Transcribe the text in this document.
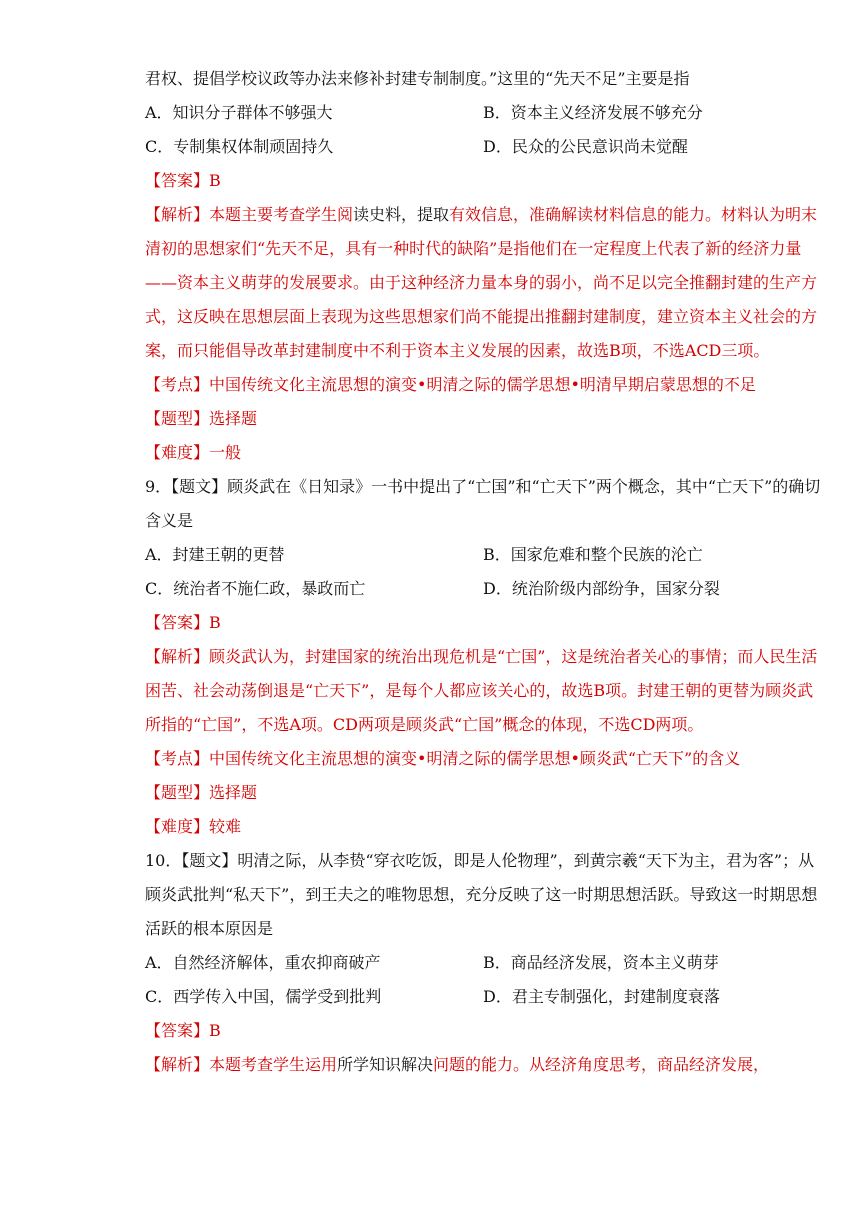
君权、提倡学校议政等办法来修补封建专制制度。”这里的“先天不足”主要是指
A．知识分子群体不够强大	B．资本主义经济发展不够充分
C．专制集权体制顽固持久	D．民众的公民意识尚未觉醒
【答案】B
【解析】本题主要考查学生阅读史料，提取有效信息，准确解读材料信息的能力。材料认为明末清初的思想家们“先天不足，具有一种时代的缺陷”是指他们在一定程度上代表了新的经济力量——资本主义萌芽的发展要求。由于这种经济力量本身的弱小，尚不足以完全推翻封建的生产方式，这反映在思想层面上表现为这些思想家们尚不能提出推翻封建制度，建立资本主义社会的方案，而只能倡导改革封建制度中不利于资本主义发展的因素，故选B项，不选ACD三项。
【考点】中国传统文化主流思想的演变•明清之际的儒学思想•明清早期启蒙思想的不足
【题型】选择题
【难度】一般
9．【题文】顾炎武在《日知录》一书中提出了“亡国”和“亡天下”两个概念，其中“亡天下”的确切含义是
A．封建王朝的更替	B．国家危难和整个民族的沦亡
C．统治者不施仁政，暴政而亡	D．统治阶级内部纷争，国家分裂
【答案】B
【解析】顾炎武认为，封建国家的统治出现危机是“亡国”，这是统治者关心的事情；而人民生活困苦、社会动荡倒退是“亡天下”，是每个人都应该关心的，故选B项。封建王朝的更替为顾炎武所指的“亡国”，不选A项。CD两项是顾炎武“亡国”概念的体现，不选CD两项。
【考点】中国传统文化主流思想的演变•明清之际的儒学思想•顾炎武“亡天下”的含义
【题型】选择题
【难度】较难
10．【题文】明清之际，从李贽“穿衣吃饭，即是人伦物理”，到黄宗羲“天下为主，君为客”；从顾炎武批判“私天下”，到王夫之的唯物思想，充分反映了这一时期思想活跃。导致这一时期思想活跃的根本原因是
A．自然经济解体，重农抑商破产	B．商品经济发展，资本主义萌芽
C．西学传入中国，儒学受到批判	D．君主专制强化，封建制度衰落
【答案】B
【解析】本题考查学生运用所学知识解决问题的能力。从经济角度思考，商品经济发展，
